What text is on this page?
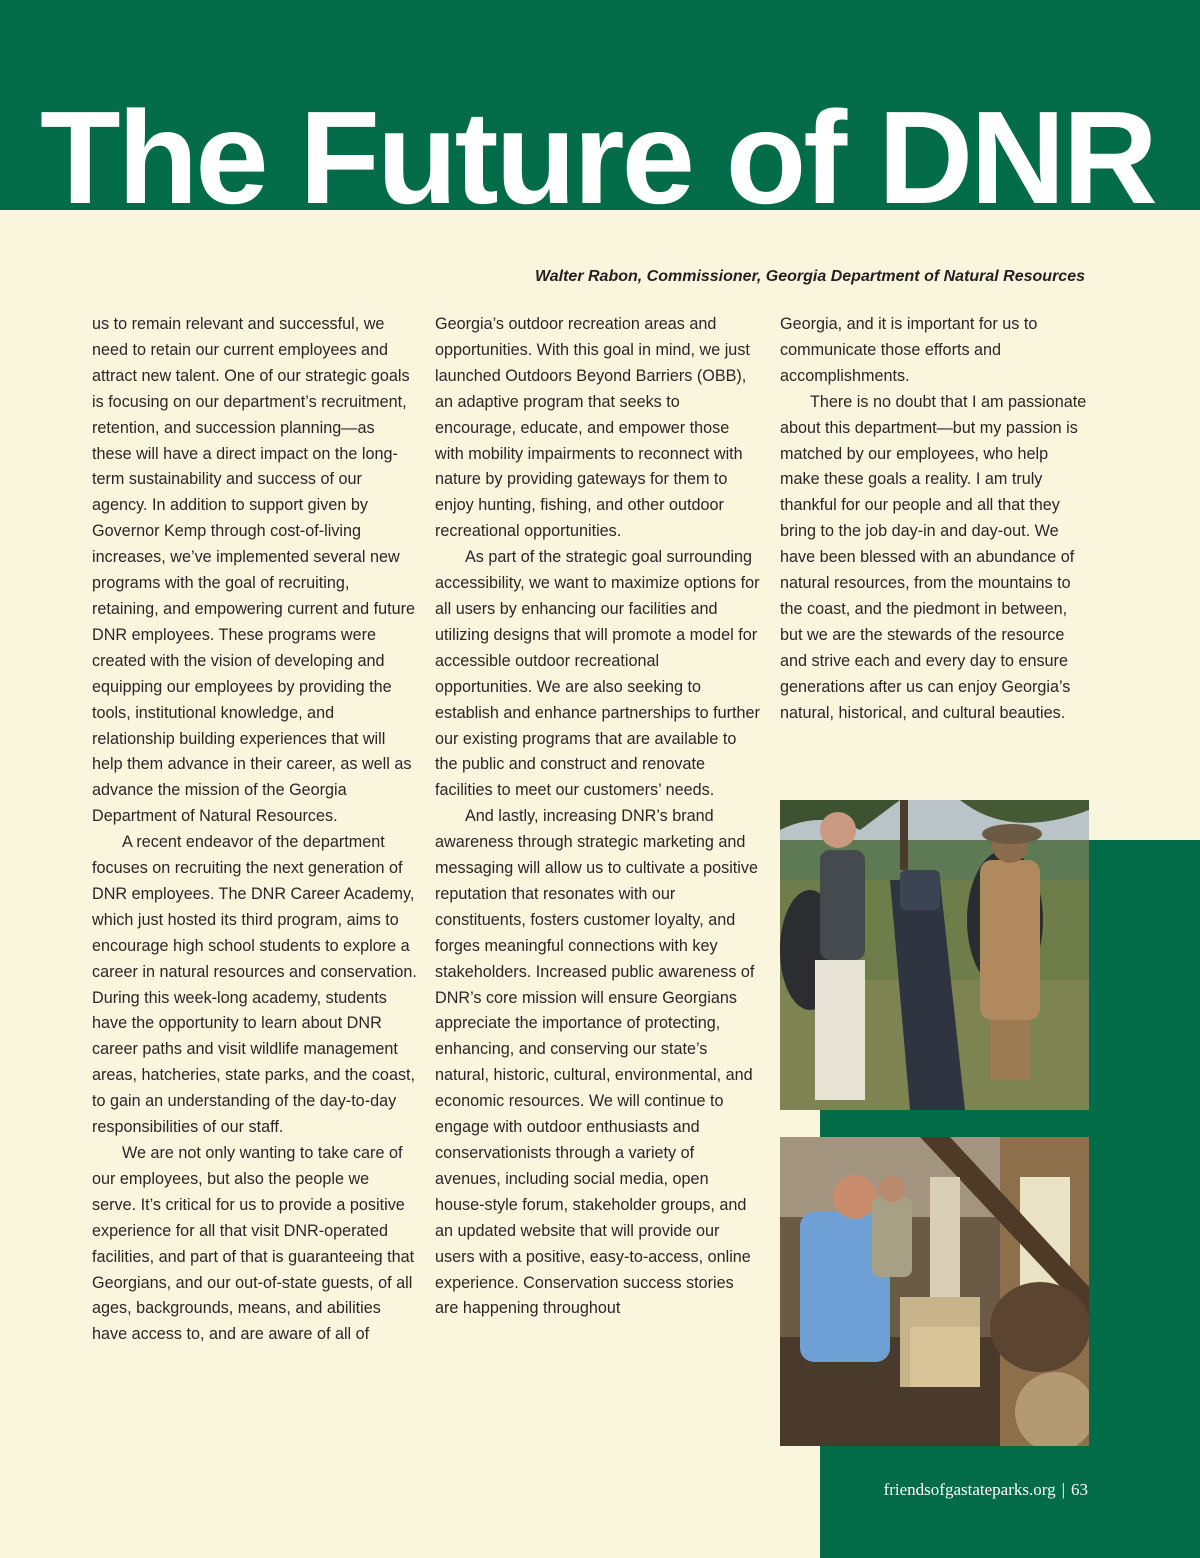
The Future of DNR
Walter Rabon, Commissioner, Georgia Department of Natural Resources

us to remain relevant and successful, we need to retain our current employees and attract new talent. One of our strategic goals is focusing on our department’s recruitment, retention, and succession planning—as these will have a direct impact on the long-term sustainability and success of our agency. In addition to support given by Governor Kemp through cost-of-living increases, we’ve implemented several new programs with the goal of recruiting, retaining, and empowering current and future DNR employees. These programs were created with the vision of developing and equipping our employees by providing the tools, institutional knowledge, and relationship building experiences that will help them advance in their career, as well as advance the mission of the Georgia Department of Natural Resources.

A recent endeavor of the department focuses on recruiting the next generation of DNR employees. The DNR Career Academy, which just hosted its third program, aims to encourage high school students to explore a career in natural resources and conservation. During this week-long academy, students have the opportunity to learn about DNR career paths and visit wildlife management areas, hatcheries, state parks, and the coast, to gain an understanding of the day-to-day responsibilities of our staff.

We are not only wanting to take care of our employees, but also the people we serve. It’s critical for us to provide a positive experience for all that visit DNR-operated facilities, and part of that is guaranteeing that Georgians, and our out-of-state guests, of all ages, backgrounds, means, and abilities have access to, and are aware of all of

Georgia’s outdoor recreation areas and opportunities. With this goal in mind, we just launched Outdoors Beyond Barriers (OBB), an adaptive program that seeks to encourage, educate, and empower those with mobility impairments to reconnect with nature by providing gateways for them to enjoy hunting, fishing, and other outdoor recreational opportunities.

As part of the strategic goal surrounding accessibility, we want to maximize options for all users by enhancing our facilities and utilizing designs that will promote a model for accessible outdoor recreational opportunities. We are also seeking to establish and enhance partnerships to further our existing programs that are available to the public and construct and renovate facilities to meet our customers’ needs.

And lastly, increasing DNR’s brand awareness through strategic marketing and messaging will allow us to cultivate a positive reputation that resonates with our constituents, fosters customer loyalty, and forges meaningful connections with key stakeholders. Increased public awareness of DNR’s core mission will ensure Georgians appreciate the importance of protecting, enhancing, and conserving our state’s natural, historic, cultural, environmental, and economic resources. We will continue to engage with outdoor enthusiasts and conservationists through a variety of avenues, including social media, open house-style forum, stakeholder groups, and an updated website that will provide our users with a positive, easy-to-access, online experience. Conservation success stories are happening throughout

Georgia, and it is important for us to communicate those efforts and accomplishments.

There is no doubt that I am passionate about this department—but my passion is matched by our employees, who help make these goals a reality. I am truly thankful for our people and all that they bring to the job day-in and day-out. We have been blessed with an abundance of natural resources, from the mountains to the coast, and the piedmont in between, but we are the stewards of the resource and strive each and every day to ensure generations after us can enjoy Georgia’s natural, historical, and cultural beauties.

friendsofgastateparks.org | 63
